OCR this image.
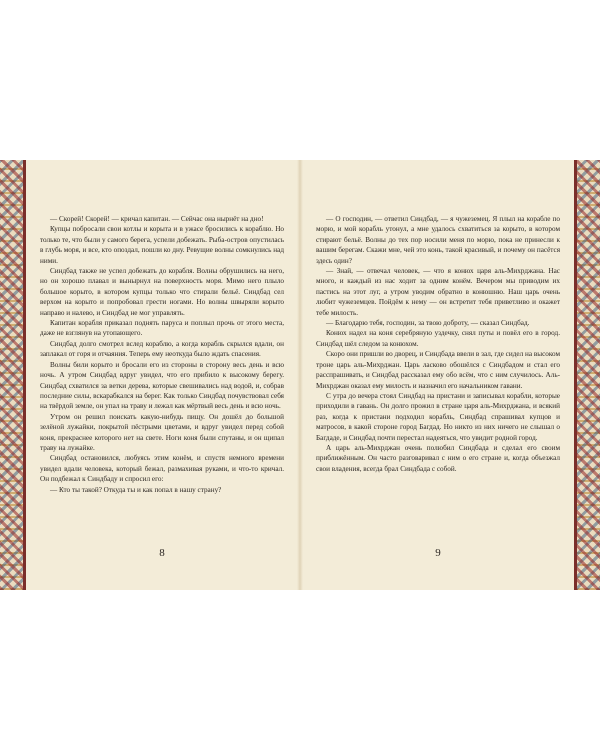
— Скорей! Скорей! — кричал капитан. — Сейчас она нырнёт на дно!

Купцы побросали свои котлы и корыта и в ужасе бросились к кораблю. Но только те, что были у самого берега, успели добежать. Рыба-остров опустилась в глубь моря, и все, кто опоздал, пошли ко дну. Ревущие волны сомкнулись над ними.

Синдбад также не успел добежать до корабля. Волны обрушились на него, но он хорошо плавал и вынырнул на поверхность моря. Мимо него плыло большое корыто, в котором купцы только что стирали бельё. Синдбад сел верхом на корыто и попробовал грести ногами. Но волны швыряли корыто направо и налево, и Синдбад не мог управлять.

Капитан корабля приказал поднять паруса и поплыл прочь от этого места, даже не взглянув на утопающего.

Синдбад долго смотрел вслед кораблю, а когда корабль скрылся вдали, он заплакал от горя и отчаяния. Теперь ему неоткуда было ждать спасения.

Волны били корыто и бросали его из стороны в сторону весь день и всю ночь. А утром Синдбад вдруг увидел, что его прибило к высокому берегу. Синдбад схватился за ветки дерева, которые свешивались над водой, и, собрав последние силы, вскарабкался на берег. Как только Синдбад почувствовал себя на твёрдой земле, он упал на траву и лежал как мёртвый весь день и всю ночь.

Утром он решил поискать какую-нибудь пищу. Он дошёл до большой зелёной лужайки, покрытой пёстрыми цветами, и вдруг увидел перед собой коня, прекраснее которого нет на свете. Ноги коня были спутаны, и он щипал траву на лужайке.

Синдбад остановился, любуясь этим конём, и спустя немного времени увидел вдали человека, который бежал, размахивая руками, и что-то кричал. Он подбежал к Синдбаду и спросил его:

— Кто ты такой? Откуда ты и как попал в нашу страну?

— О господин, — ответил Синдбад, — я чужеземец. Я плыл на корабле по морю, и мой корабль утонул, а мне удалось схватиться за корыто, в котором стирают бельё. Волны до тех пор носили меня по морю, пока не принесли к вашим берегам. Скажи мне, чей это конь, такой красивый, и почему он пасётся здесь один?

— Знай, — отвечал человек, — что я конюх царя аль-Михрджана. Нас много, и каждый из нас ходит за одним конём. Вечером мы приводим их пастись на этот луг, а утром уводим обратно в конюшню. Наш царь очень любит чужеземцев. Пойдём к нему — он встретит тебя приветливо и окажет тебе милость.

— Благодарю тебя, господин, за твою доброту, — сказал Синдбад.

Конюх надел на коня серебряную уздечку, снял путы и повёл его в город. Синдбад шёл следом за конюхом.

Скоро они пришли во дворец, и Синдбада ввели в зал, где сидел на высоком троне царь аль-Михрджан. Царь ласково обошёлся с Синдбадом и стал его расспрашивать, и Синдбад рассказал ему обо всём, что с ним случилось. Аль-Михрджан оказал ему милость и назначил его начальником гавани.

С утра до вечера стоял Синдбад на пристани и записывал корабли, которые приходили в гавань. Он долго прожил в стране царя аль-Михрджана, и всякий раз, когда к пристани подходил корабль, Синдбад спрашивал купцов и матросов, в какой стороне город Багдад. Но никто из них ничего не слышал о Багдаде, и Синдбад почти перестал надеяться, что увидит родной город.

А царь аль-Михрджан очень полюбил Синдбада и сделал его своим приближённым. Он часто разговаривал с ним о его стране и, когда объезжал свои владения, всегда брал Синдбада с собой.

8	9
